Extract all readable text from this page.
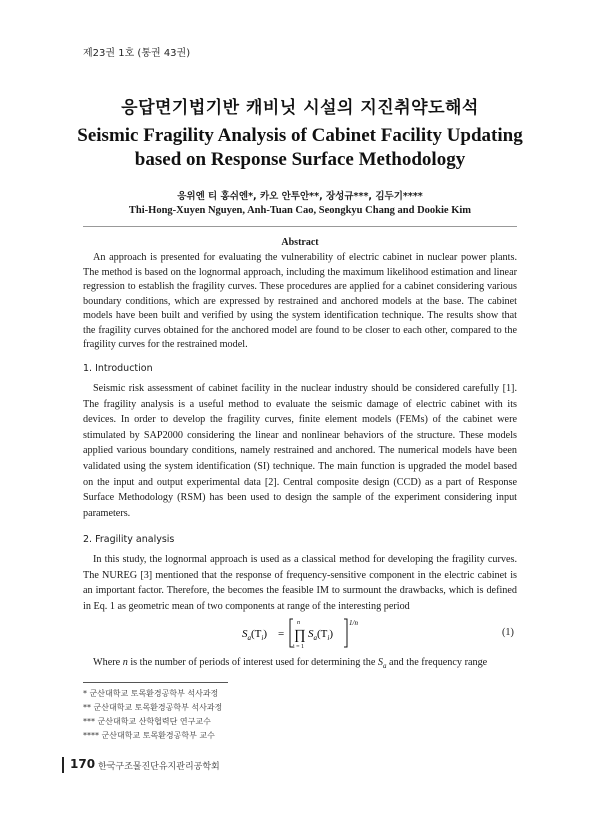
제23권 1호 (통권 43권)
응답면기법기반 캐비닛 시설의 지진취약도해석
Seismic Fragility Analysis of Cabinet Facility Updating based on Response Surface Methodology
응위엔 티 홍쉬엔*, 카오 안투안**, 장성규***, 김두기****
Thi-Hong-Xuyen Nguyen, Anh-Tuan Cao, Seongkyu Chang and Dookie Kim
Abstract

An approach is presented for evaluating the vulnerability of electric cabinet in nuclear power plants. The method is based on the lognormal approach, including the maximum likelihood estimation and linear regression to establish the fragility curves. These procedures are applied for a cabinet considering various boundary conditions, which are expressed by restrained and anchored models at the base. The cabinet models have been built and verified by using the system identification technique. The results show that the fragility curves obtained for the anchored model are found to be closer to each other, compared to the fragility curves for the restrained model.

1. Introduction

Seismic risk assessment of cabinet facility in the nuclear industry should be considered carefully [1]. The fragility analysis is a useful method to evaluate the seismic damage of electric cabinet with its devices. In order to develop the fragility curves, finite element models (FEMs) of the cabinet were stimulated by SAP2000 considering the linear and nonlinear behaviors of the structure. These models applied various boundary conditions, namely restrained and anchored. The numerical models have been validated using the system identification (SI) technique. The main function is upgraded the model based on the input and output experimental data [2]. Central composite design (CCD) as a part of Response Surface Methodology (RSM) has been used to design the sample of the experiment considering input parameters.

2. Fragility analysis

In this study, the lognormal approach is used as a classical method for developing the fragility curves. The NUREG [3] mentioned that the response of frequency-sensitive component in the electric cabinet is an important factor. Therefore, the becomes the feasible IM to surmount the drawbacks, which is defined in Eq. 1 as geometric mean of two components at range of the interesting period

$S_a(T_i)$ =
n
∏
i = 1
$S_a(T_i)$
1/n
(1)

Where n is the number of periods of interest used for determining the $S_a$ and the frequency range

* 군산대학교 토목환경공학부 석사과정
** 군산대학교 토목환경공학부 석사과정
*** 군산대학교 산학협력단 연구교수
**** 군산대학교 토목환경공학부 교수
170 한국구조물진단유지관리공학회
